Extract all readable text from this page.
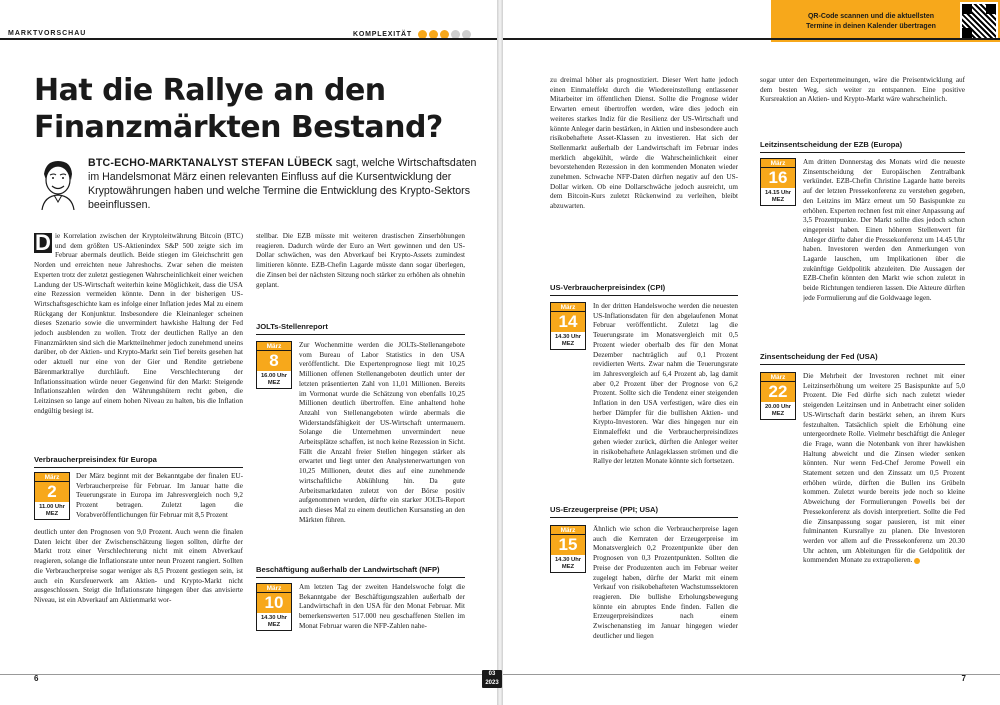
MARKTVORSCHAU	KOMPLEXITÄT
Hat die Rallye an den
Finanzmärkten Bestand?

BTC-ECHO-MARKTANALYST STEFAN LÜBECK sagt, welche Wirtschaftsdaten im Handelsmonat März einen relevanten Einfluss auf die Kursentwicklung der Kryptowährungen haben und welche Termine die Entwicklung des Krypto-Sektors beeinflussen.

D ie Korrelation zwischen der Kryptoleitwährung Bitcoin (BTC) und dem größten US-Aktienindex S&P 500 zeigte sich im Februar abermals deutlich. Beide stiegen im Gleichschritt gen Norden und erreichten neue Jahreshochs. Zwar sehen die meisten Experten trotz der zuletzt gestiegenen Wahrscheinlichkeit einer weichen Landung der US-Wirtschaft weiterhin keine Möglichkeit, dass die USA eine Rezession vermeiden könnte. Denn in der bisherigen US-Wirtschaftsgeschichte kam es infolge einer Inflation jedes Mal zu einem Rückgang der Konjunktur. Insbesondere die Kleinanleger scheinen dieses Szenario sowie die unvermindert hawkishe Haltung der Fed jedoch ausblenden zu wollen. Trotz der deutlichen Rallye an den Finanzmärkten sind sich die Marktteilnehmer jedoch zunehmend uneins darüber, ob der Aktien- und Krypto-Markt sein Tief bereits gesehen hat oder aktuell nur eine von der Gier und Rendite getriebene Bärenmarktrallye durchläuft. Eine Verschlechterung der Inflationssituation würde neuer Gegenwind für den Markt: Steigende Inflationszahlen würden den Währungshütern recht geben, die Leitzinsen so lange auf einem hohen Niveau zu halten, bis die Inflation endgültig besiegt ist.

Verbraucherpreisindex für Europa
März
2
11.00 Uhr
MEZ

Der März beginnt mit der Bekanntgabe der finalen EU-Verbraucherpreise für Februar. Im Januar hatte die Teuerungsrate in Europa im Jahresvergleich noch 9,2 Prozent betragen. Zuletzt lagen die Vorabveröffentlichungen für Februar mit 8,5 Prozent

deutlich unter den Prognosen von 9,0 Prozent. Auch wenn die finalen Daten leicht über der Zwischenschätzung liegen sollten, dürfte der Markt trotz einer Verschlechterung nicht mit einem Abverkauf reagieren, solange die Inflationsrate unter neun Prozent rangiert. Sollten die Verbraucherpreise sogar weniger als 8,5 Prozent gestiegen sein, ist auch ein Kursfeuerwerk am Aktien- und Krypto-Markt nicht ausgeschlossen. Steigt die Inflationsrate hingegen über das anvisierte Niveau, ist ein Abverkauf am Aktienmarkt wor-

stellbar. Die EZB müsste mit weiteren drastischen Zinserhöhungen reagieren. Dadurch würde der Euro an Wert gewinnen und den US-Dollar schwächen, was den Abverkauf bei Krypto-Assets zumindest limitieren könnte. EZB-Chefin Lagarde müsste dann sogar überlegen, die Zinsen bei der nächsten Sitzung noch stärker zu erhöhen als ohnehin geplant.

JOLTs-Stellenreport
März
8
16.00 Uhr
MEZ

Zur Wochenmitte werden die JOLTs-Stellenangebote vom Bureau of Labor Statistics in den USA veröffentlicht. Die Expertenprognose liegt mit 10,25 Millionen offenen Stellenangeboten deutlich unter der letzten präsentierten Zahl von 11,01 Millionen. Bereits im Vormonat wurde die Schätzung von ebenfalls 10,25 Millionen deutlich übertroffen. Eine anhaltend hohe Anzahl von Stellenangeboten würde abermals die Widerstandsfähigkeit der US-Wirtschaft untermauern. Solange die Unternehmen unvermindert neue Arbeitsplätze schaffen, ist noch keine Rezession in Sicht. Fällt die Anzahl freier Stellen hingegen stärker als erwartet und liegt unter den Analystenerwartungen von 10,25 Millionen, deutet dies auf eine zunehmende wirtschaftliche Abkühlung hin. Da gute Arbeitsmarktdaten zuletzt von der Börse positiv aufgenommen wurden, dürfte ein starker JOLTs-Report auch dieses Mal zu einem deutlichen Kursanstieg an den Märkten führen.

Beschäftigung außerhalb der Landwirtschaft (NFP)
März
10
14.30 Uhr
MEZ

Am letzten Tag der zweiten Handelswoche folgt die Bekanntgabe der Beschäftigungszahlen außerhalb der Landwirtschaft in den USA für den Monat Februar. Mit bemerkenswerten 517.000 neu geschaffenen Stellen im Monat Februar waren die NFP-Zahlen nahe-

6	03 2023
QR-Code scannen und die aktuellsten
Termine in deinen Kalender übertragen

zu dreimal höher als prognostiziert. Dieser Wert hatte jedoch einen Einmaleffekt durch die Wiedereinstellung entlassener Mitarbeiter im öffentlichen Dienst. Sollte die Prognose wider Erwarten erneut übertroffen werden, wäre dies jedoch ein weiteres starkes Indiz für die Resilienz der US-Wirtschaft und könnte Anleger darin bestärken, in Aktien und insbesondere auch risikobehaftete Asset-Klassen zu investieren. Hat sich der Stellenmarkt außerhalb der Landwirtschaft im Februar indes merklich abgekühlt, würde die Wahrscheinlichkeit einer bevorstehenden Rezession in den kommenden Monaten wieder zunehmen. Schwache NFP-Daten dürften negativ auf den US-Dollar wirken. Ob eine Dollarschwäche jedoch ausreicht, um dem Bitcoin-Kurs zuletzt Rückenwind zu verleihen, bleibt abzuwarten.

US-Verbraucherpreisindex (CPI)
März
14
14.30 Uhr
MEZ

In der dritten Handelswoche werden die neuesten US-Inflationsdaten für den abgelaufenen Monat Februar veröffentlicht. Zuletzt lag die Teuerungsrate im Monatsvergleich mit 0,5 Prozent wieder oberhalb des für den Monat Dezember nachträglich auf 0,1 Prozent revidierten Werts. Zwar nahm die Teuerungsrate im Jahresvergleich auf 6,4 Prozent ab, lag damit aber 0,2 Prozent über der Prognose von 6,2 Prozent. Sollte sich die Tendenz einer steigenden Inflation in den USA verfestigen, wäre dies ein herber Dämpfer für die bullishen Aktien- und Krypto-Investoren. War dies hingegen nur ein Einmaleffekt und die Verbraucherpreisindizes gehen wieder zurück, dürften die Anleger weiter in risikobehaftete Anlageklassen strömen und die Rallye der letzten Monate könnte sich fortsetzen.

US-Erzeugerpreise (PPI; USA)
März
15
14.30 Uhr
MEZ

Ähnlich wie schon die Verbraucherpreise lagen auch die Kernraten der Erzeugerpreise im Monatsvergleich 0,2 Prozentpunkte über den Prognosen von 0,3 Prozentpunkten. Sollten die Preise der Produzenten auch im Februar weiter zugelegt haben, dürfte der Markt mit einem Verkauf von risikobehafteten Wachstumssektoren reagieren. Die bullishe Erholungsbewegung könnte ein abruptes Ende finden. Fallen die Erzeugerpreisindizes nach einem Zwischenanstieg im Januar hingegen wieder deutlicher und liegen

sogar unter den Expertenmeinungen, wäre die Preisentwicklung auf dem besten Weg, sich weiter zu entspannen. Eine positive Kursreaktion an Aktien- und Krypto-Markt wäre wahrscheinlich.

Leitzinsentscheidung der EZB (Europa)
März
16
14.15 Uhr
MEZ

Am dritten Donnerstag des Monats wird die neueste Zinsentscheidung der Europäischen Zentralbank verkündet. EZB-Chefin Christine Lagarde hatte bereits auf der letzten Pressekonferenz zu verstehen gegeben, den Leitzins im März erneut um 50 Basispunkte zu erhöhen. Experten rechnen fest mit einer Anpassung auf 3,5 Prozentpunkte. Der Markt sollte dies jedoch schon eingepreist haben. Einen höheren Stellenwert für Anleger dürfte daher die Pressekonferenz um 14.45 Uhr haben. Investoren werden den Anmerkungen von Lagarde lauschen, um Implikationen über die zukünftige Geldpolitik abzuleiten. Die Aussagen der EZB-Chefin könnten den Markt wie schon zuletzt in beide Richtungen tendieren lassen. Die Akteure dürften jede Formulierung auf die Goldwaage legen.

Zinsentscheidung der Fed (USA)
März
22
20.00 Uhr
MEZ

Die Mehrheit der Investoren rechnet mit einer Leitzinserhöhung um weitere 25 Basispunkte auf 5,0 Prozent. Die Fed dürfte sich nach zuletzt wieder steigenden Leitzinsen und in Anbetracht einer soliden US-Wirtschaft darin bestärkt sehen, an ihrem Kurs festzuhalten. Tatsächlich spielt die Erhöhung eine untergeordnete Rolle. Vielmehr beschäftigt die Anleger die Frage, wann die Notenbank von ihrer hawkishen Haltung abweicht und die Zinsen wieder senken könnten. Nur wenn Fed-Chef Jerome Powell ein Statement setzen und den Zinssatz um 0,5 Prozent erhöhen würde, dürften die Bullen ins Grübeln kommen. Zuletzt wurde bereits jede noch so kleine Abweichung der Formulierungen Powells bei der Pressekonferenz als dovish interpretiert. Sollte die Fed die Zinsanpassung sogar pausieren, ist mit einer fulminanten Kursrallye zu planen. Die Investoren werden vor allem auf die Pressekonferenz um 20.30 Uhr achten, um Ableitungen für die Geldpolitik der kommenden Monate zu extrapolieren.

7
